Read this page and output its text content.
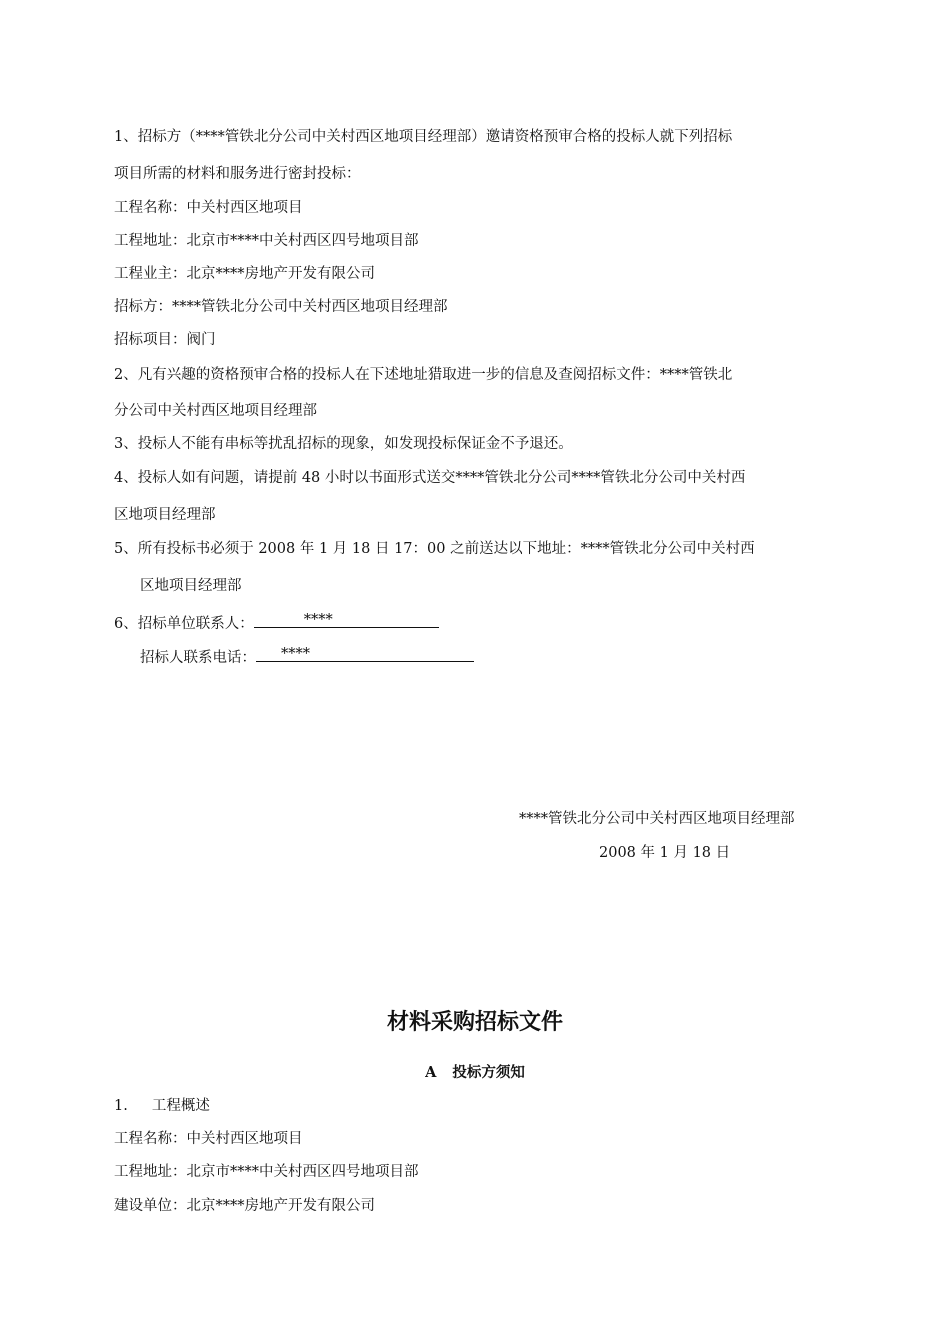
1、招标方（****管铁北分公司中关村西区地项目经理部）邀请资格预审合格的投标人就下列招标
项目所需的材料和服务进行密封投标：
工程名称：中关村西区地项目
工程地址：北京市****中关村西区四号地项目部
工程业主：北京****房地产开发有限公司
招标方：****管铁北分公司中关村西区地项目经理部
招标项目：阀门
2、凡有兴趣的资格预审合格的投标人在下述地址猎取进一步的信息及查阅招标文件：****管铁北
分公司中关村西区地项目经理部
3、投标人不能有串标等扰乱招标的现象，如发现投标保证金不予退还。
4、投标人如有问题，请提前 48 小时以书面形式送交****管铁北分公司****管铁北分公司中关村西
区地项目经理部
5、所有投标书必须于 2008 年 1 月 18 日 17：00 之前送达以下地址：****管铁北分公司中关村西
区地项目经理部
6、招标单位联系人：	****
招标人联系电话： ****
****管铁北分公司中关村西区地项目经理部
2008 年 1 月 18 日
材料采购招标文件
A 投标方须知
1. 工程概述
工程名称：中关村西区地项目
工程地址：北京市****中关村西区四号地项目部
建设单位：北京****房地产开发有限公司
